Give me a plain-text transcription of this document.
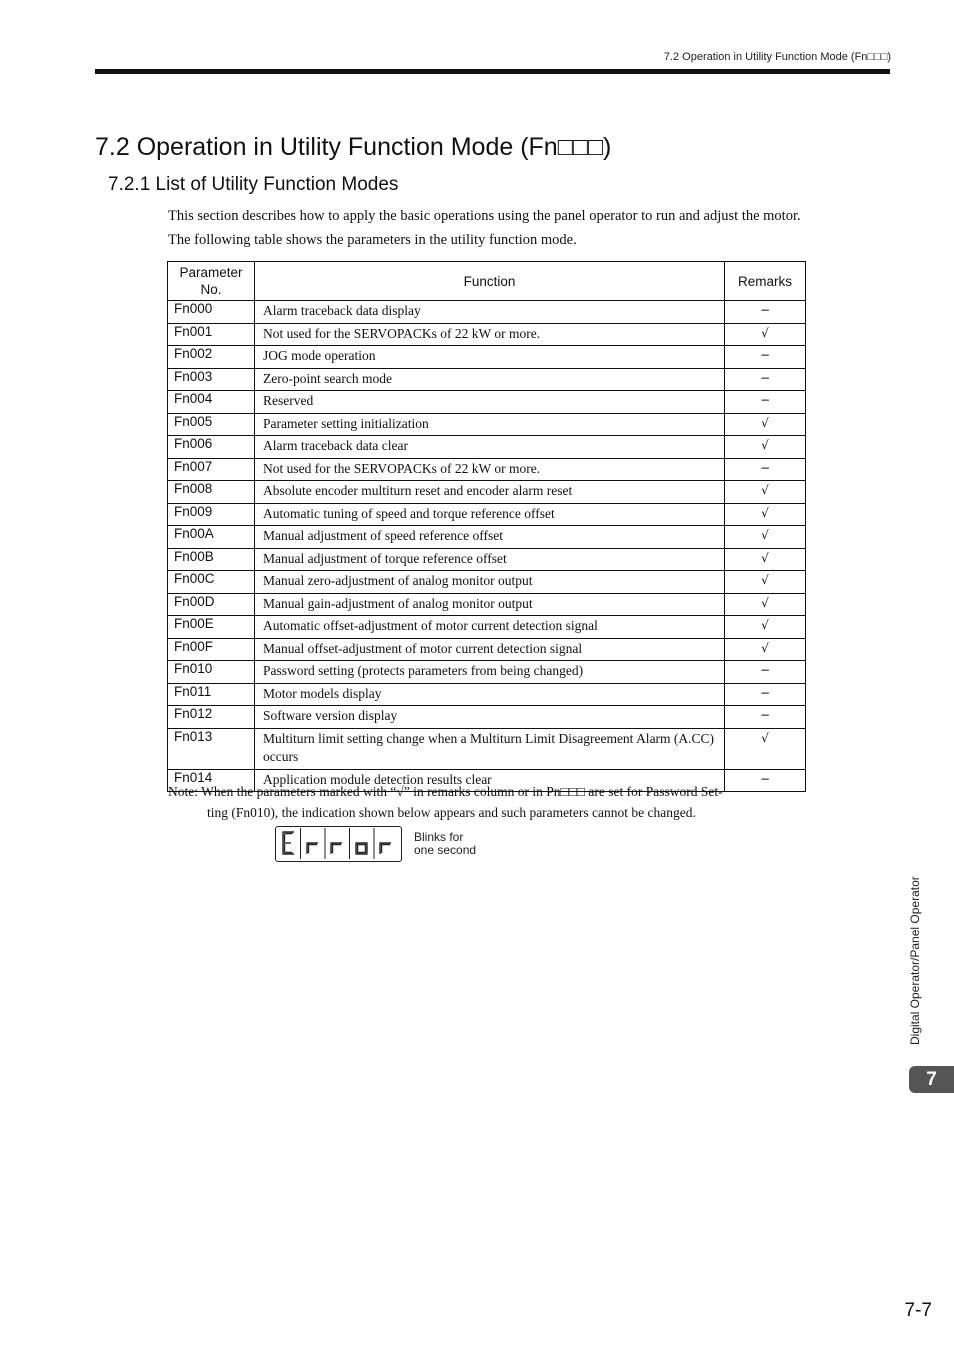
7.2 Operation in Utility Function Mode (Fn□□□)
7.2 Operation in Utility Function Mode (Fn□□□)
7.2.1 List of Utility Function Modes
This section describes how to apply the basic operations using the panel operator to run and adjust the motor.
The following table shows the parameters in the utility function mode.
Parameter No.	Function	Remarks
Fn000	Alarm traceback data display	−
Fn001	Not used for the SERVOPACKs of 22 kW or more.	√
Fn002	JOG mode operation	−
Fn003	Zero-point search mode	−
Fn004	Reserved	−
Fn005	Parameter setting initialization	√
Fn006	Alarm traceback data clear	√
Fn007	Not used for the SERVOPACKs of 22 kW or more.	−
Fn008	Absolute encoder multiturn reset and encoder alarm reset	√
Fn009	Automatic tuning of speed and torque reference offset	√
Fn00A	Manual adjustment of speed reference offset	√
Fn00B	Manual adjustment of torque reference offset	√
Fn00C	Manual zero-adjustment of analog monitor output	√
Fn00D	Manual gain-adjustment of analog monitor output	√
Fn00E	Automatic offset-adjustment of motor current detection signal	√
Fn00F	Manual offset-adjustment of motor current detection signal	√
Fn010	Password setting (protects parameters from being changed)	−
Fn011	Motor models display	−
Fn012	Software version display	−
Fn013	Multiturn limit setting change when a Multiturn Limit Disagreement Alarm (A.CC) occurs	√
Fn014	Application module detection results clear	−
Note: When the parameters marked with “√” in remarks column or in Pn□□□ are set for Password Set-
ting (Fn010), the indication shown below appears and such parameters cannot be changed.
Blinks for
one second
Digital Operator/Panel Operator
7
7-7
